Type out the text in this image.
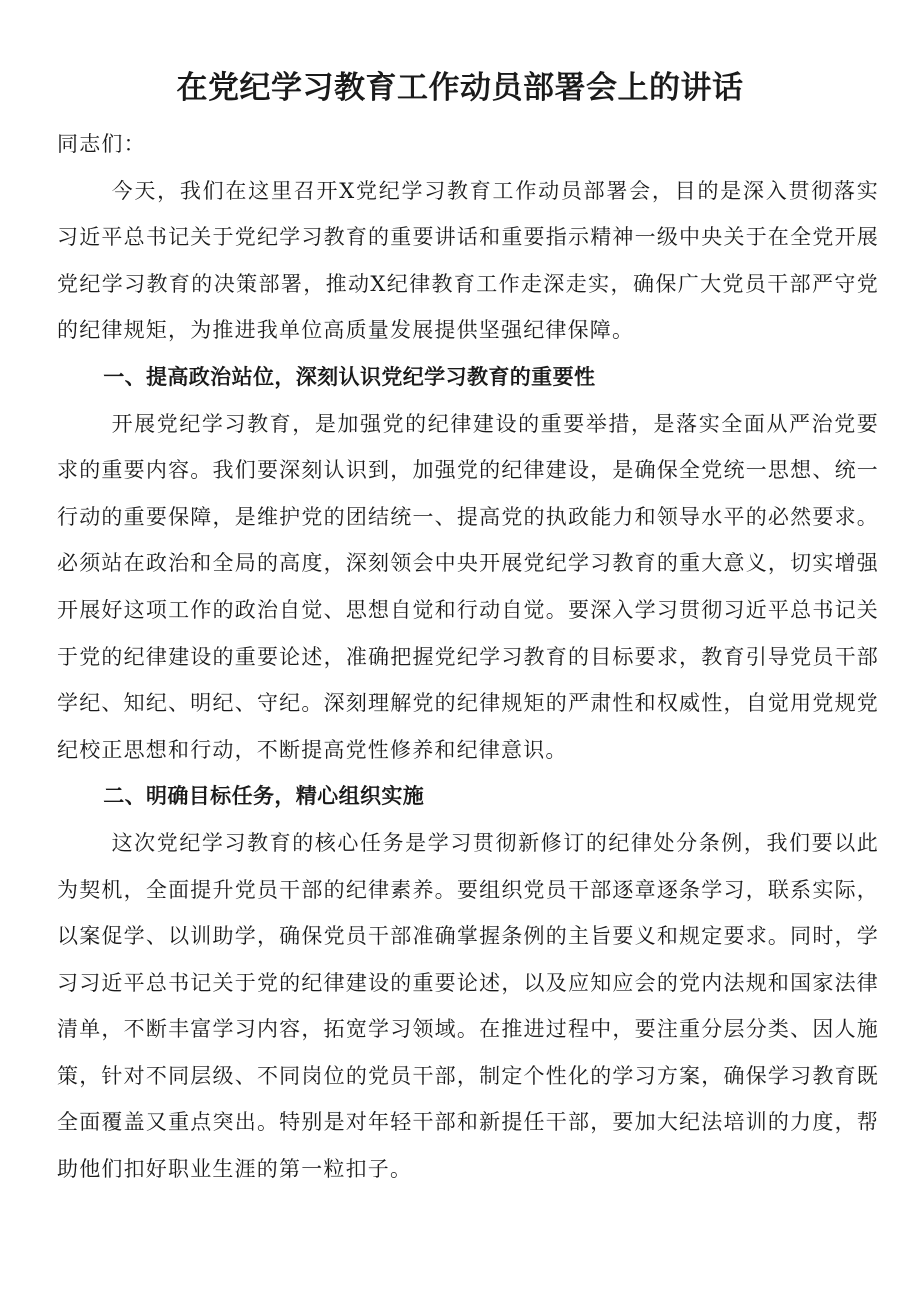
在党纪学习教育工作动员部署会上的讲话

同志们：

今天，我们在这里召开X党纪学习教育工作动员部署会，目的是深入贯彻落实习近平总书记关于党纪学习教育的重要讲话和重要指示精神一级中央关于在全党开展党纪学习教育的决策部署，推动X纪律教育工作走深走实，确保广大党员干部严守党的纪律规矩，为推进我单位高质量发展提供坚强纪律保障。

一、提高政治站位，深刻认识党纪学习教育的重要性

开展党纪学习教育，是加强党的纪律建设的重要举措，是落实全面从严治党要求的重要内容。我们要深刻认识到，加强党的纪律建设，是确保全党统一思想、统一行动的重要保障，是维护党的团结统一、提高党的执政能力和领导水平的必然要求。必须站在政治和全局的高度，深刻领会中央开展党纪学习教育的重大意义，切实增强开展好这项工作的政治自觉、思想自觉和行动自觉。要深入学习贯彻习近平总书记关于党的纪律建设的重要论述，准确把握党纪学习教育的目标要求，教育引导党员干部学纪、知纪、明纪、守纪。深刻理解党的纪律规矩的严肃性和权威性，自觉用党规党纪校正思想和行动，不断提高党性修养和纪律意识。

二、明确目标任务，精心组织实施

这次党纪学习教育的核心任务是学习贯彻新修订的纪律处分条例，我们要以此为契机，全面提升党员干部的纪律素养。要组织党员干部逐章逐条学习，联系实际，以案促学、以训助学，确保党员干部准确掌握条例的主旨要义和规定要求。同时，学习习近平总书记关于党的纪律建设的重要论述，以及应知应会的党内法规和国家法律清单，不断丰富学习内容，拓宽学习领域。在推进过程中，要注重分层分类、因人施策，针对不同层级、不同岗位的党员干部，制定个性化的学习方案，确保学习教育既全面覆盖又重点突出。特别是对年轻干部和新提任干部，要加大纪法培训的力度，帮助他们扣好职业生涯的第一粒扣子。
